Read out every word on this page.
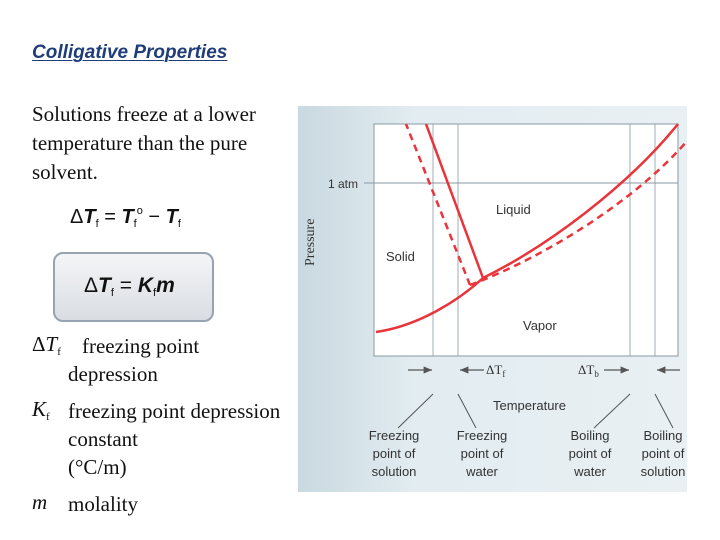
Colligative Properties
Solutions freeze at a lower temperature than the pure solvent.
$\Delta T_f = T_f^o - T_f$
$\Delta T_f = K_fm$
$\Delta T_f$	freezing point depression
$K_f$ freezing point depression constant
(°C/m)
m molality
Pressure
1 atm
Liquid
Solid
Vapor
$\Delta T_f$	$\Delta T_b$
Temperature
Freezing
point of
solution
Freezing
point of
water
Boiling
point of
water
Boiling
point of
solution
